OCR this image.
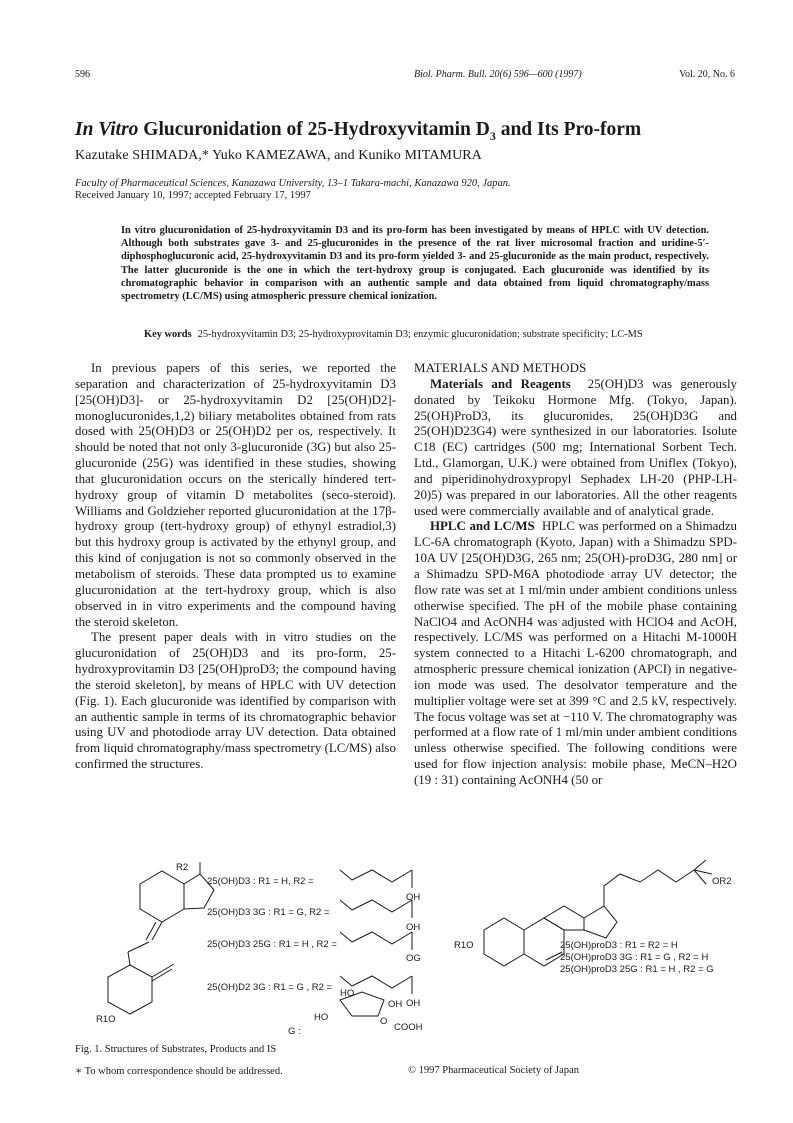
596	Biol. Pharm. Bull. 20(6) 596—600 (1997)	Vol. 20, No. 6
In Vitro Glucuronidation of 25-Hydroxyvitamin $D_3$ and Its Pro-form
Kazutake SHIMADA,* Yuko KAMEZAWA, and Kuniko MITAMURA
Faculty of Pharmaceutical Sciences, Kanazawa University, 13–1 Takara-machi, Kanazawa 920, Japan.
Received January 10, 1997; accepted February 17, 1997
In vitro glucuronidation of 25-hydroxyvitamin D3 and its pro-form has been investigated by means of HPLC with UV detection. Although both substrates gave 3- and 25-glucuronides in the presence of the rat liver microsomal fraction and uridine-5′-diphosphoglucuronic acid, 25-hydroxyvitamin D3 and its pro-form yielded 3- and 25-glucuronide as the main product, respectively. The latter glucuronide is the one in which the tert-hydroxy group is conjugated. Each glucuronide was identified by its chromatographic behavior in comparison with an authentic sample and data obtained from liquid chromatography/mass spectrometry (LC/MS) using atmospheric pressure chemical ionization.
Key words 25-hydroxyvitamin D3; 25-hydroxyprovitamin D3; enzymic glucuronidation; substrate specificity; LC-MS

In previous papers of this series, we reported the separation and characterization of 25-hydroxyvitamin D3 [25(OH)D3]- or 25-hydroxyvitamin D2 [25(OH)D2]-monoglucuronides,1,2) biliary metabolites obtained from rats dosed with 25(OH)D3 or 25(OH)D2 per os, respectively. It should be noted that not only 3-glucuronide (3G) but also 25-glucuronide (25G) was identified in these studies, showing that glucuronidation occurs on the sterically hindered tert-hydroxy group of vitamin D metabolites (seco-steroid). Williams and Goldzieher reported glucuronidation at the 17β-hydroxy group (tert-hydroxy group) of ethynyl estradiol,3) but this hydroxy group is activated by the ethynyl group, and this kind of conjugation is not so commonly observed in the metabolism of steroids. These data prompted us to examine glucuronidation at the tert-hydroxy group, which is also observed in in vitro experiments and the compound having the steroid skeleton.

The present paper deals with in vitro studies on the glucuronidation of 25(OH)D3 and its pro-form, 25-hydroxyprovitamin D3 [25(OH)proD3; the compound having the steroid skeleton], by means of HPLC with UV detection (Fig. 1). Each glucuronide was identified by comparison with an authentic sample in terms of its chromatographic behavior using UV and photodiode array UV detection. Data obtained from liquid chromatography/mass spectrometry (LC/MS) also confirmed the structures.

MATERIALS AND METHODS

Materials and Reagents 25(OH)D3 was generously donated by Teikoku Hormone Mfg. (Tokyo, Japan). 25(OH)ProD3, its glucuronides, 25(OH)D3G and 25(OH)D23G4) were synthesized in our laboratories. Isolute C18 (EC) cartridges (500 mg; International Sorbent Tech. Ltd., Glamorgan, U.K.) were obtained from Uniflex (Tokyo), and piperidinohydroxypropyl Sephadex LH-20 (PHP-LH-20)5) was prepared in our laboratories. All the other reagents used were commercially available and of analytical grade.

HPLC and LC/MS HPLC was performed on a Shimadzu LC-6A chromatograph (Kyoto, Japan) with a Shimadzu SPD-10A UV [25(OH)D3G, 265 nm; 25(OH)-proD3G, 280 nm] or a Shimadzu SPD-M6A photodiode array UV detector; the flow rate was set at 1 ml/min under ambient conditions unless otherwise specified. The pH of the mobile phase containing NaClO4 and AcONH4 was adjusted with HClO4 and AcOH, respectively. LC/MS was performed on a Hitachi M-1000H system connected to a Hitachi L-6200 chromatograph, and atmospheric pressure chemical ionization (APCI) in negative-ion mode was used. The desolvator temperature and the multiplier voltage were set at 399 °C and 2.5 kV, respectively. The focus voltage was set at −110 V. The chromatography was performed at a flow rate of 1 ml/min under ambient conditions unless otherwise specified. The following conditions were used for flow injection analysis: mobile phase, MeCN–H2O (19 : 31) containing AcONH4 (50 or

R2
R1O
25(OH)D3 : R1 = H, R2 =
25(OH)D3 3G : R1 = G, R2 =
25(OH)D3 25G : R1 = H , R2 =
25(OH)D2 3G : R1 = G , R2 =
OH
OH
OG
OH
R1O
OR2
25(OH)proD3 : R1 = R2 = H
25(OH)proD3 3G : R1 = G , R2 = H
25(OH)proD3 25G : R1 = H , R2 = G
G :
HO
HO
OH
O
COOH
Fig. 1. Structures of Substrates, Products and IS
∗ To whom correspondence should be addressed.	© 1997 Pharmaceutical Society of Japan
